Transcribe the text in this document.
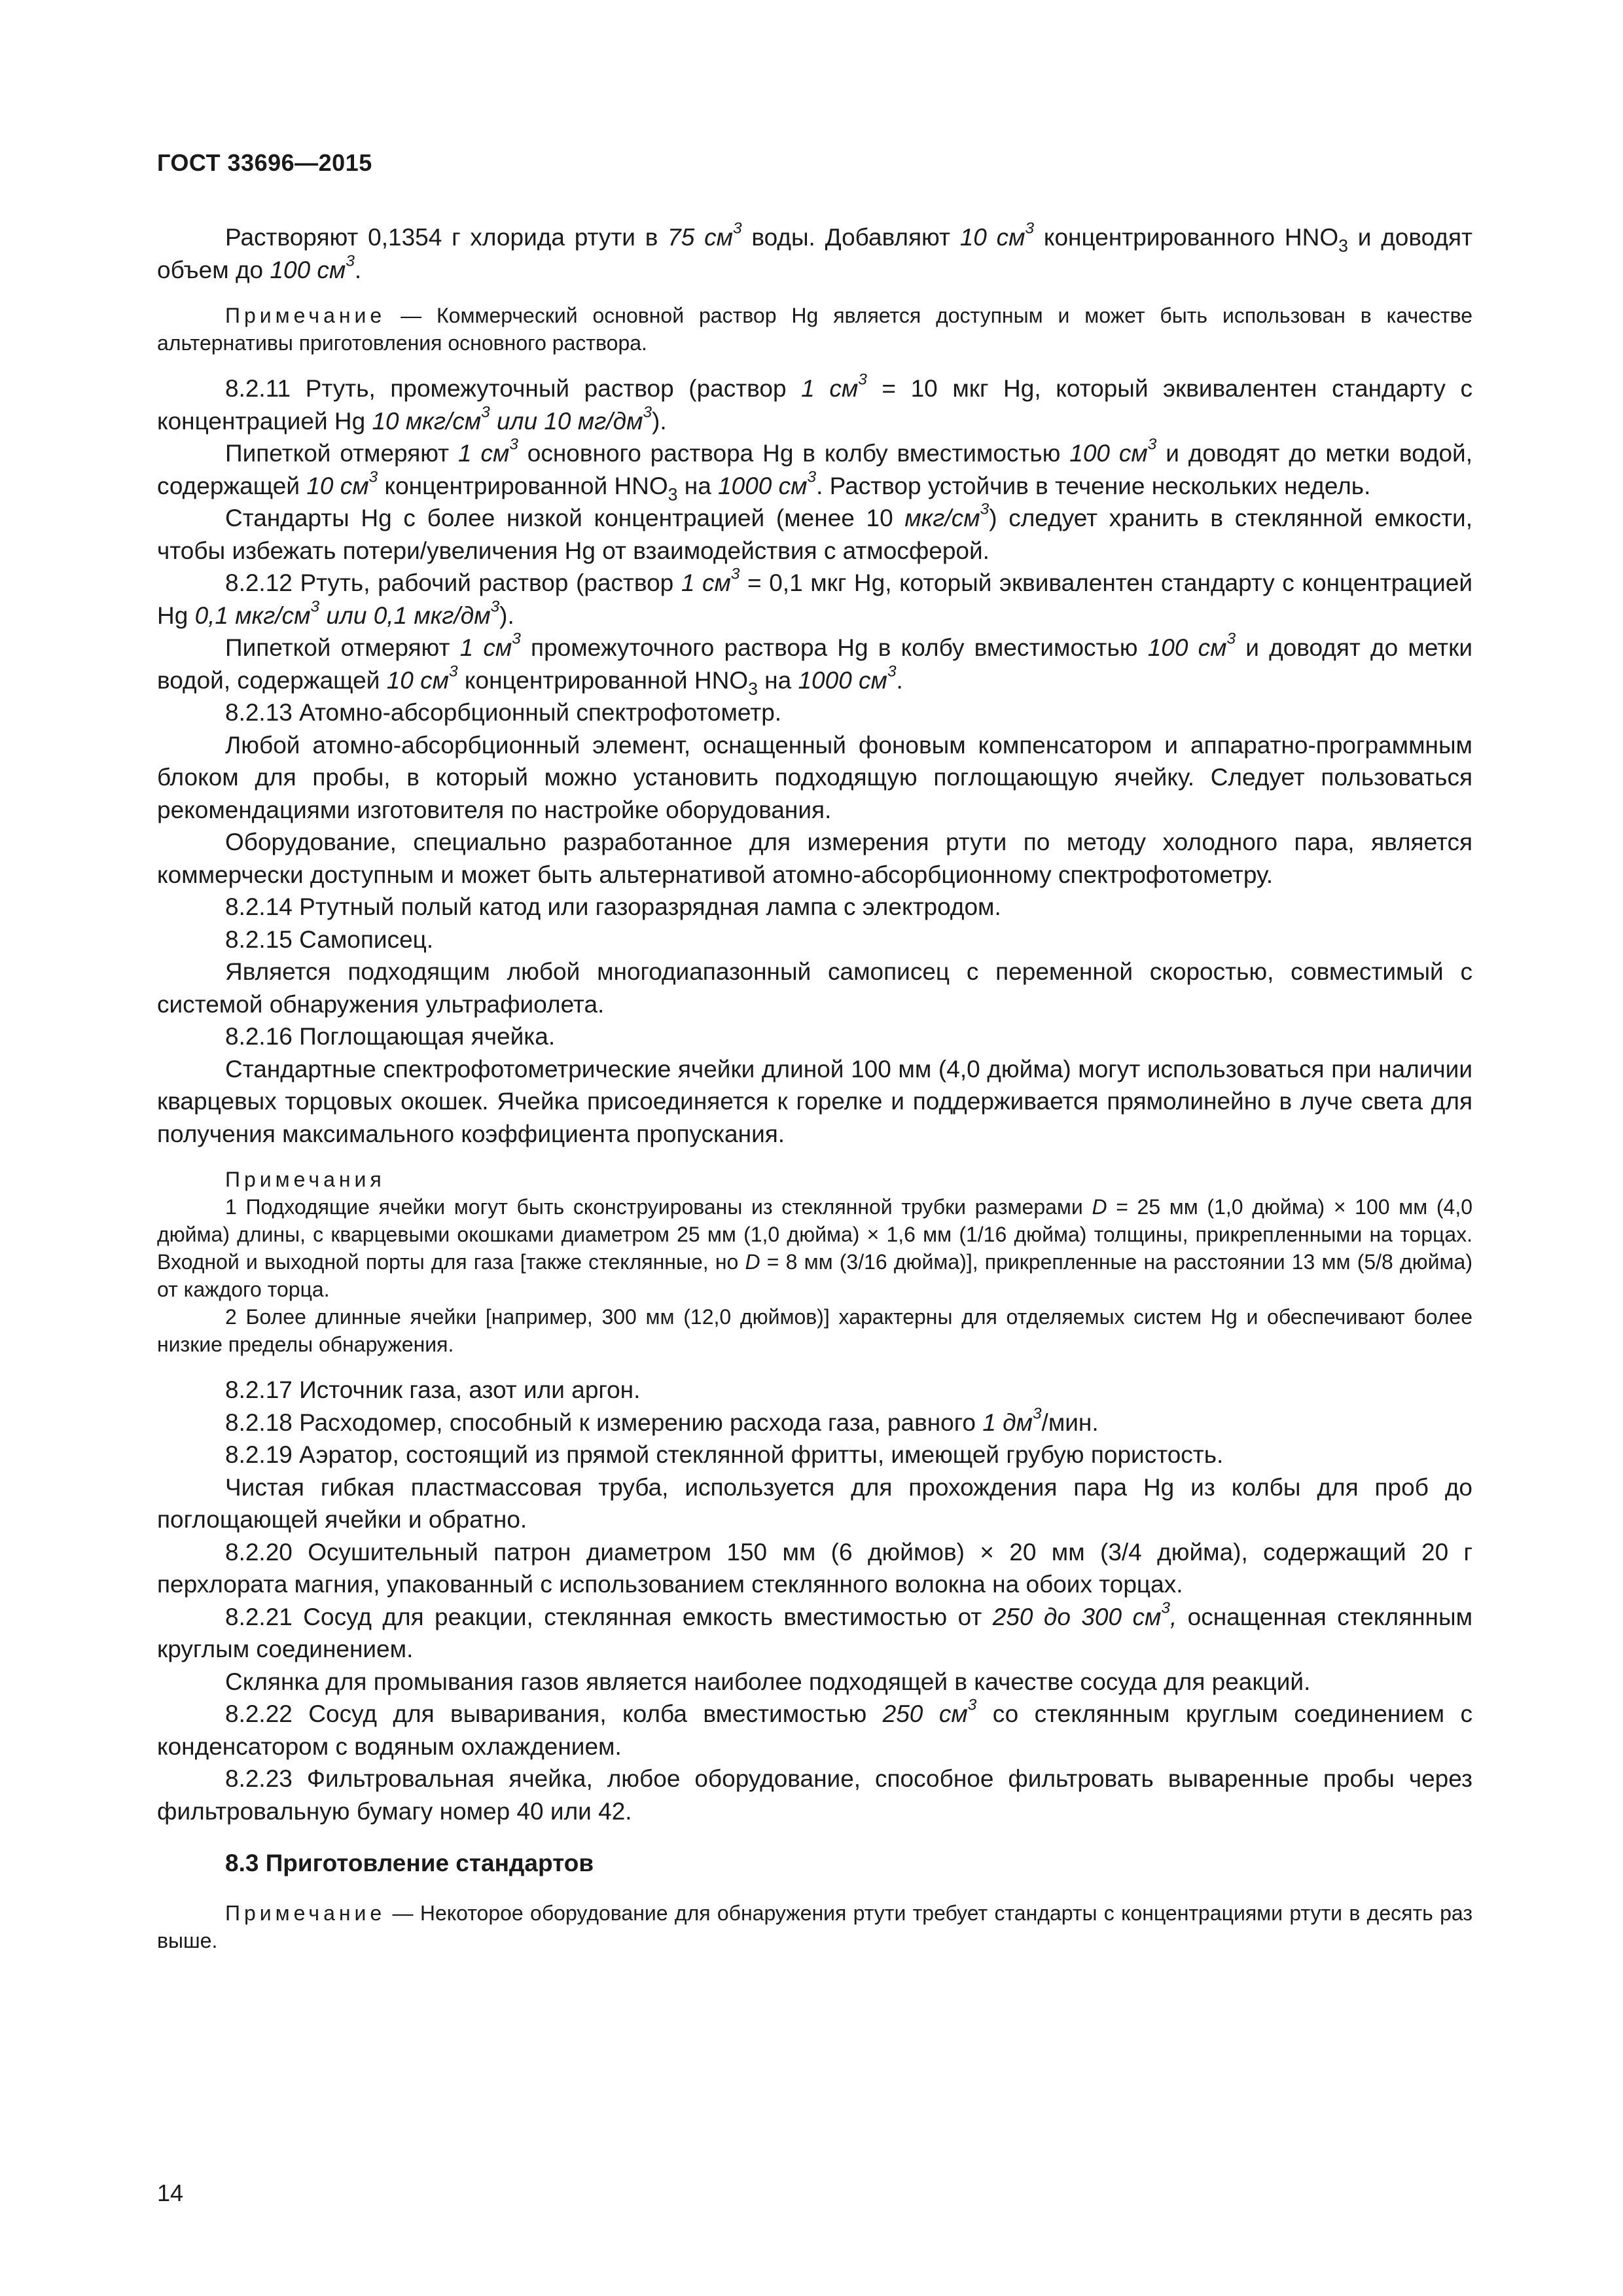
ГОСТ 33696—2015

Растворяют 0,1354 г хлорида ртути в 75 $см^3$ воды. Добавляют 10 $см^3$ концентрированного $HNO_3$ и доводят объем до 100 $см^3$.

Примечание — Коммерческий основной раствор Hg является доступным и может быть использован в качестве альтернативы приготовления основного раствора.

8.2.11 Ртуть, промежуточный раствор (раствор 1 $см^3 = 10$ мкг Hg, который эквивалентен стандарту с концентрацией Hg 10 мкг/$см^3$ или 10 $мг/дм^3$).

Пипеткой отмеряют 1 $см^3$ основного раствора Hg в колбу вместимостью 100 $см^3$ и доводят до метки водой, содержащей 10 $см^3$ концентрированной $HNO_3$ на 1000 $см^3$. Раствор устойчив в течение нескольких недель.

Стандарты Hg с более низкой концентрацией (менее 10 мкг/$см^3$) следует хранить в стеклянной емкости, чтобы избежать потери/увеличения Hg от взаимодействия с атмосферой.

8.2.12 Ртуть, рабочий раствор (раствор 1 $см^3 = 0,1$ мкг Hg, который эквивалентен стандарту с концентрацией Hg 0,1 мкг/$см^3$ или 0,1 мкг/$дм^3$).

Пипеткой отмеряют 1 $см^3$ промежуточного раствора Hg в колбу вместимостью 100 $см^3$ и доводят до метки водой, содержащей 10 $см^3$ концентрированной $HNO_3$ на 1000 $см^3$.

8.2.13 Атомно-абсорбционный спектрофотометр.

Любой атомно-абсорбционный элемент, оснащенный фоновым компенсатором и аппаратно-программным блоком для пробы, в который можно установить подходящую поглощающую ячейку. Следует пользоваться рекомендациями изготовителя по настройке оборудования.

Оборудование, специально разработанное для измерения ртути по методу холодного пара, является коммерчески доступным и может быть альтернативой атомно-абсорбционному спектрофотометру.

8.2.14 Ртутный полый катод или газоразрядная лампа с электродом.

8.2.15 Самописец.

Является подходящим любой многодиапазонный самописец с переменной скоростью, совместимый с системой обнаружения ультрафиолета.

8.2.16 Поглощающая ячейка.

Стандартные спектрофотометрические ячейки длиной 100 мм (4,0 дюйма) могут использоваться при наличии кварцевых торцовых окошек. Ячейка присоединяется к горелке и поддерживается прямолинейно в луче света для получения максимального коэффициента пропускания.

Примечания

1 Подходящие ячейки могут быть сконструированы из стеклянной трубки размерами D = 25 мм (1,0 дюйма) × 100 мм (4,0 дюйма) длины, с кварцевыми окошками диаметром 25 мм (1,0 дюйма) × 1,6 мм (1/16 дюйма) толщины, прикрепленными на торцах. Входной и выходной порты для газа [также стеклянные, но D = 8 мм (3/16 дюйма)], прикрепленные на расстоянии 13 мм (5/8 дюйма) от каждого торца.

2 Более длинные ячейки [например, 300 мм (12,0 дюймов)] характерны для отделяемых систем Hg и обеспечивают более низкие пределы обнаружения.

8.2.17 Источник газа, азот или аргон.

8.2.18 Расходомер, способный к измерению расхода газа, равного 1 $дм^3$/мин.

8.2.19 Аэратор, состоящий из прямой стеклянной фритты, имеющей грубую пористость.

Чистая гибкая пластмассовая труба, используется для прохождения пара Hg из колбы для проб до поглощающей ячейки и обратно.

8.2.20 Осушительный патрон диаметром 150 мм (6 дюймов) × 20 мм (3/4 дюйма), содержащий 20 г перхлората магния, упакованный с использованием стеклянного волокна на обоих торцах.

8.2.21 Сосуд для реакции, стеклянная емкость вместимостью от 250 до 300 $см^3$, оснащенная стеклянным круглым соединением.

Склянка для промывания газов является наиболее подходящей в качестве сосуда для реакций.

8.2.22 Сосуд для вываривания, колба вместимостью 250 $см^3$ со стеклянным круглым соединением с конденсатором с водяным охлаждением.

8.2.23 Фильтровальная ячейка, любое оборудование, способное фильтровать вываренные пробы через фильтровальную бумагу номер 40 или 42.

8.3 Приготовление стандартов

Примечание — Некоторое оборудование для обнаружения ртути требует стандарты с концентрациями ртути в десять раз выше.

14
